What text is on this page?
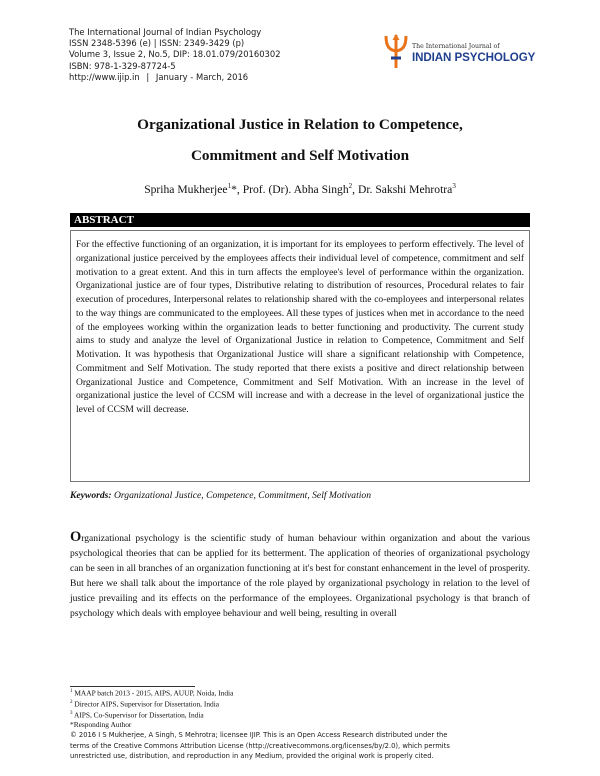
The International Journal of Indian Psychology
ISSN 2348-5396 (e) | ISSN: 2349-3429 (p)
Volume 3, Issue 2, No.5, DIP: 18.01.079/20160302
ISBN: 978-1-329-87724-5
http://www.ijip.in | January - March, 2016
The International Journal of
INDIAN PSYCHOLOGY
Organizational Justice in Relation to Competence,
Commitment and Self Motivation
Spriha Mukherjee$^1$*, Prof. (Dr). Abha Singh$^2$, Dr. Sakshi Mehrotra$^3$
ABSTRACT
For the effective functioning of an organization, it is important for its employees to perform effectively. The level of organizational justice perceived by the employees affects their individual level of competence, commitment and self motivation to a great extent. And this in turn affects the employee's level of performance within the organization. Organizational justice are of four types, Distributive relating to distribution of resources, Procedural relates to fair execution of procedures, Interpersonal relates to relationship shared with the co-employees and interpersonal relates to the way things are communicated to the employees. All these types of justices when met in accordance to the need of the employees working within the organization leads to better functioning and productivity. The current study aims to study and analyze the level of Organizational Justice in relation to Competence, Commitment and Self Motivation. It was hypothesis that Organizational Justice will share a significant relationship with Competence, Commitment and Self Motivation. The study reported that there exists a positive and direct relationship between Organizational Justice and Competence, Commitment and Self Motivation. With an increase in the level of organizational justice the level of CCSM will increase and with a decrease in the level of organizational justice the level of CCSM will decrease.
Keywords: Organizational Justice, Competence, Commitment, Self Motivation
Organizational psychology is the scientific study of human behaviour within organization and about the various psychological theories that can be applied for its betterment. The application of theories of organizational psychology can be seen in all branches of an organization functioning at it's best for constant enhancement in the level of prosperity. But here we shall talk about the importance of the role played by organizational psychology in relation to the level of justice prevailing and its effects on the performance of the employees. Organizational psychology is that branch of psychology which deals with employee behaviour and well being, resulting in overall
$^1$ MAAP batch 2013 - 2015, AIPS, AUUP, Noida, India
$^2$ Director AIPS, Supervisor for Dissertation, India
$^3$ AIPS, Co-Supervisor for Dissertation, India
*Responding Author
© 2016 I S Mukherjee, A Singh, S Mehrotra; licensee IJIP. This is an Open Access Research distributed under the
terms of the Creative Commons Attribution License (http://creativecommons.org/licenses/by/2.0), which permits
unrestricted use, distribution, and reproduction in any Medium, provided the original work is properly cited.
